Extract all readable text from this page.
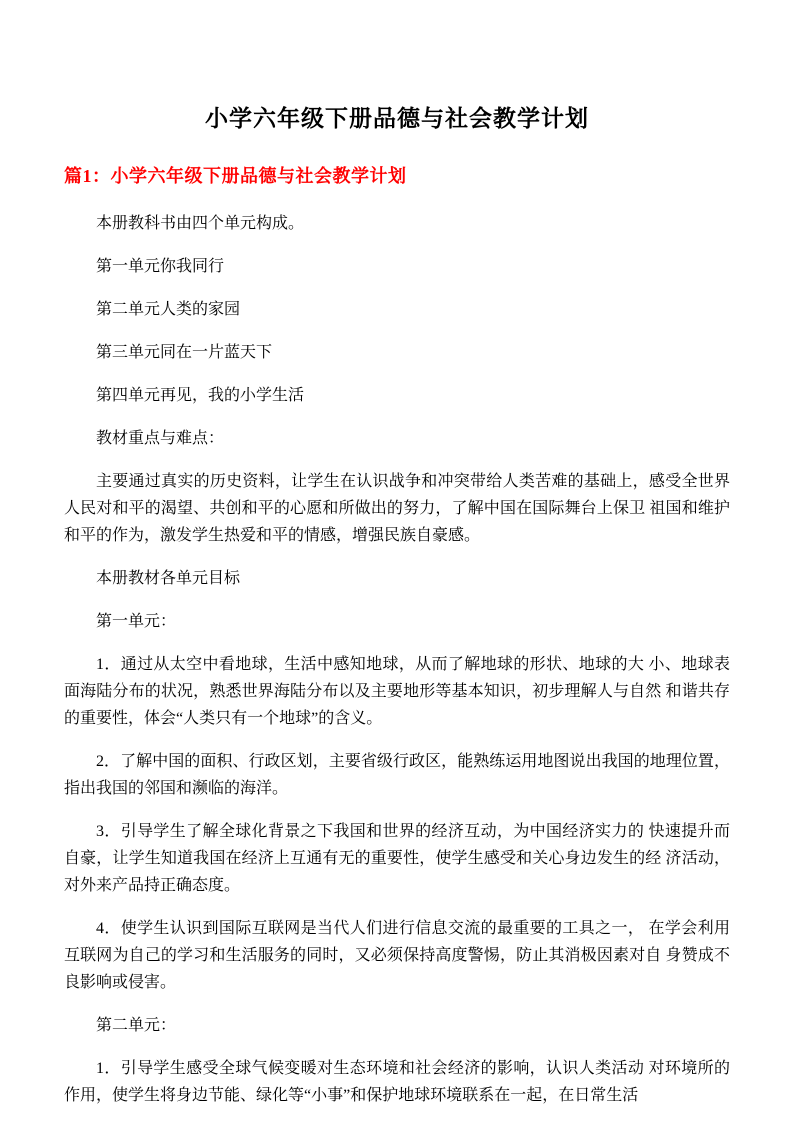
小学六年级下册品德与社会教学计划
篇1：小学六年级下册品德与社会教学计划

本册教科书由四个单元构成。

第一单元你我同行

第二单元人类的家园

第三单元同在一片蓝天下

第四单元再见，我的小学生活

教材重点与难点：

主要通过真实的历史资料，让学生在认识战争和冲突带给人类苦难的基础上，感受全世界人民对和平的渴望、共创和平的心愿和所做出的努力，了解中国在国际舞台上保卫 祖国和维护和平的作为，激发学生热爱和平的情感，增强民族自豪感。

本册教材各单元目标

第一单元：

1．通过从太空中看地球，生活中感知地球，从而了解地球的形状、地球的大 小、地球表面海陆分布的状况，熟悉世界海陆分布以及主要地形等基本知识，初步理解人与自然 和谐共存的重要性，体会“人类只有一个地球”的含义。

2．了解中国的面积、行政区划，主要省级行政区，能熟练运用地图说出我国的地理位置，指出我国的邻国和濒临的海洋。

3．引导学生了解全球化背景之下我国和世界的经济互动，为中国经济实力的 快速提升而自豪，让学生知道我国在经济上互通有无的重要性，使学生感受和关心身边发生的经 济活动，对外来产品持正确态度。

4．使学生认识到国际互联网是当代人们进行信息交流的最重要的工具之一， 在学会利用互联网为自己的学习和生活服务的同时，又必须保持高度警惕，防止其消极因素对自 身赞成不良影响或侵害。

第二单元：

1．引导学生感受全球气候变暖对生态环境和社会经济的影响，认识人类活动 对环境所的作用，使学生将身边节能、绿化等“小事”和保护地球环境联系在一起，在日常生活
